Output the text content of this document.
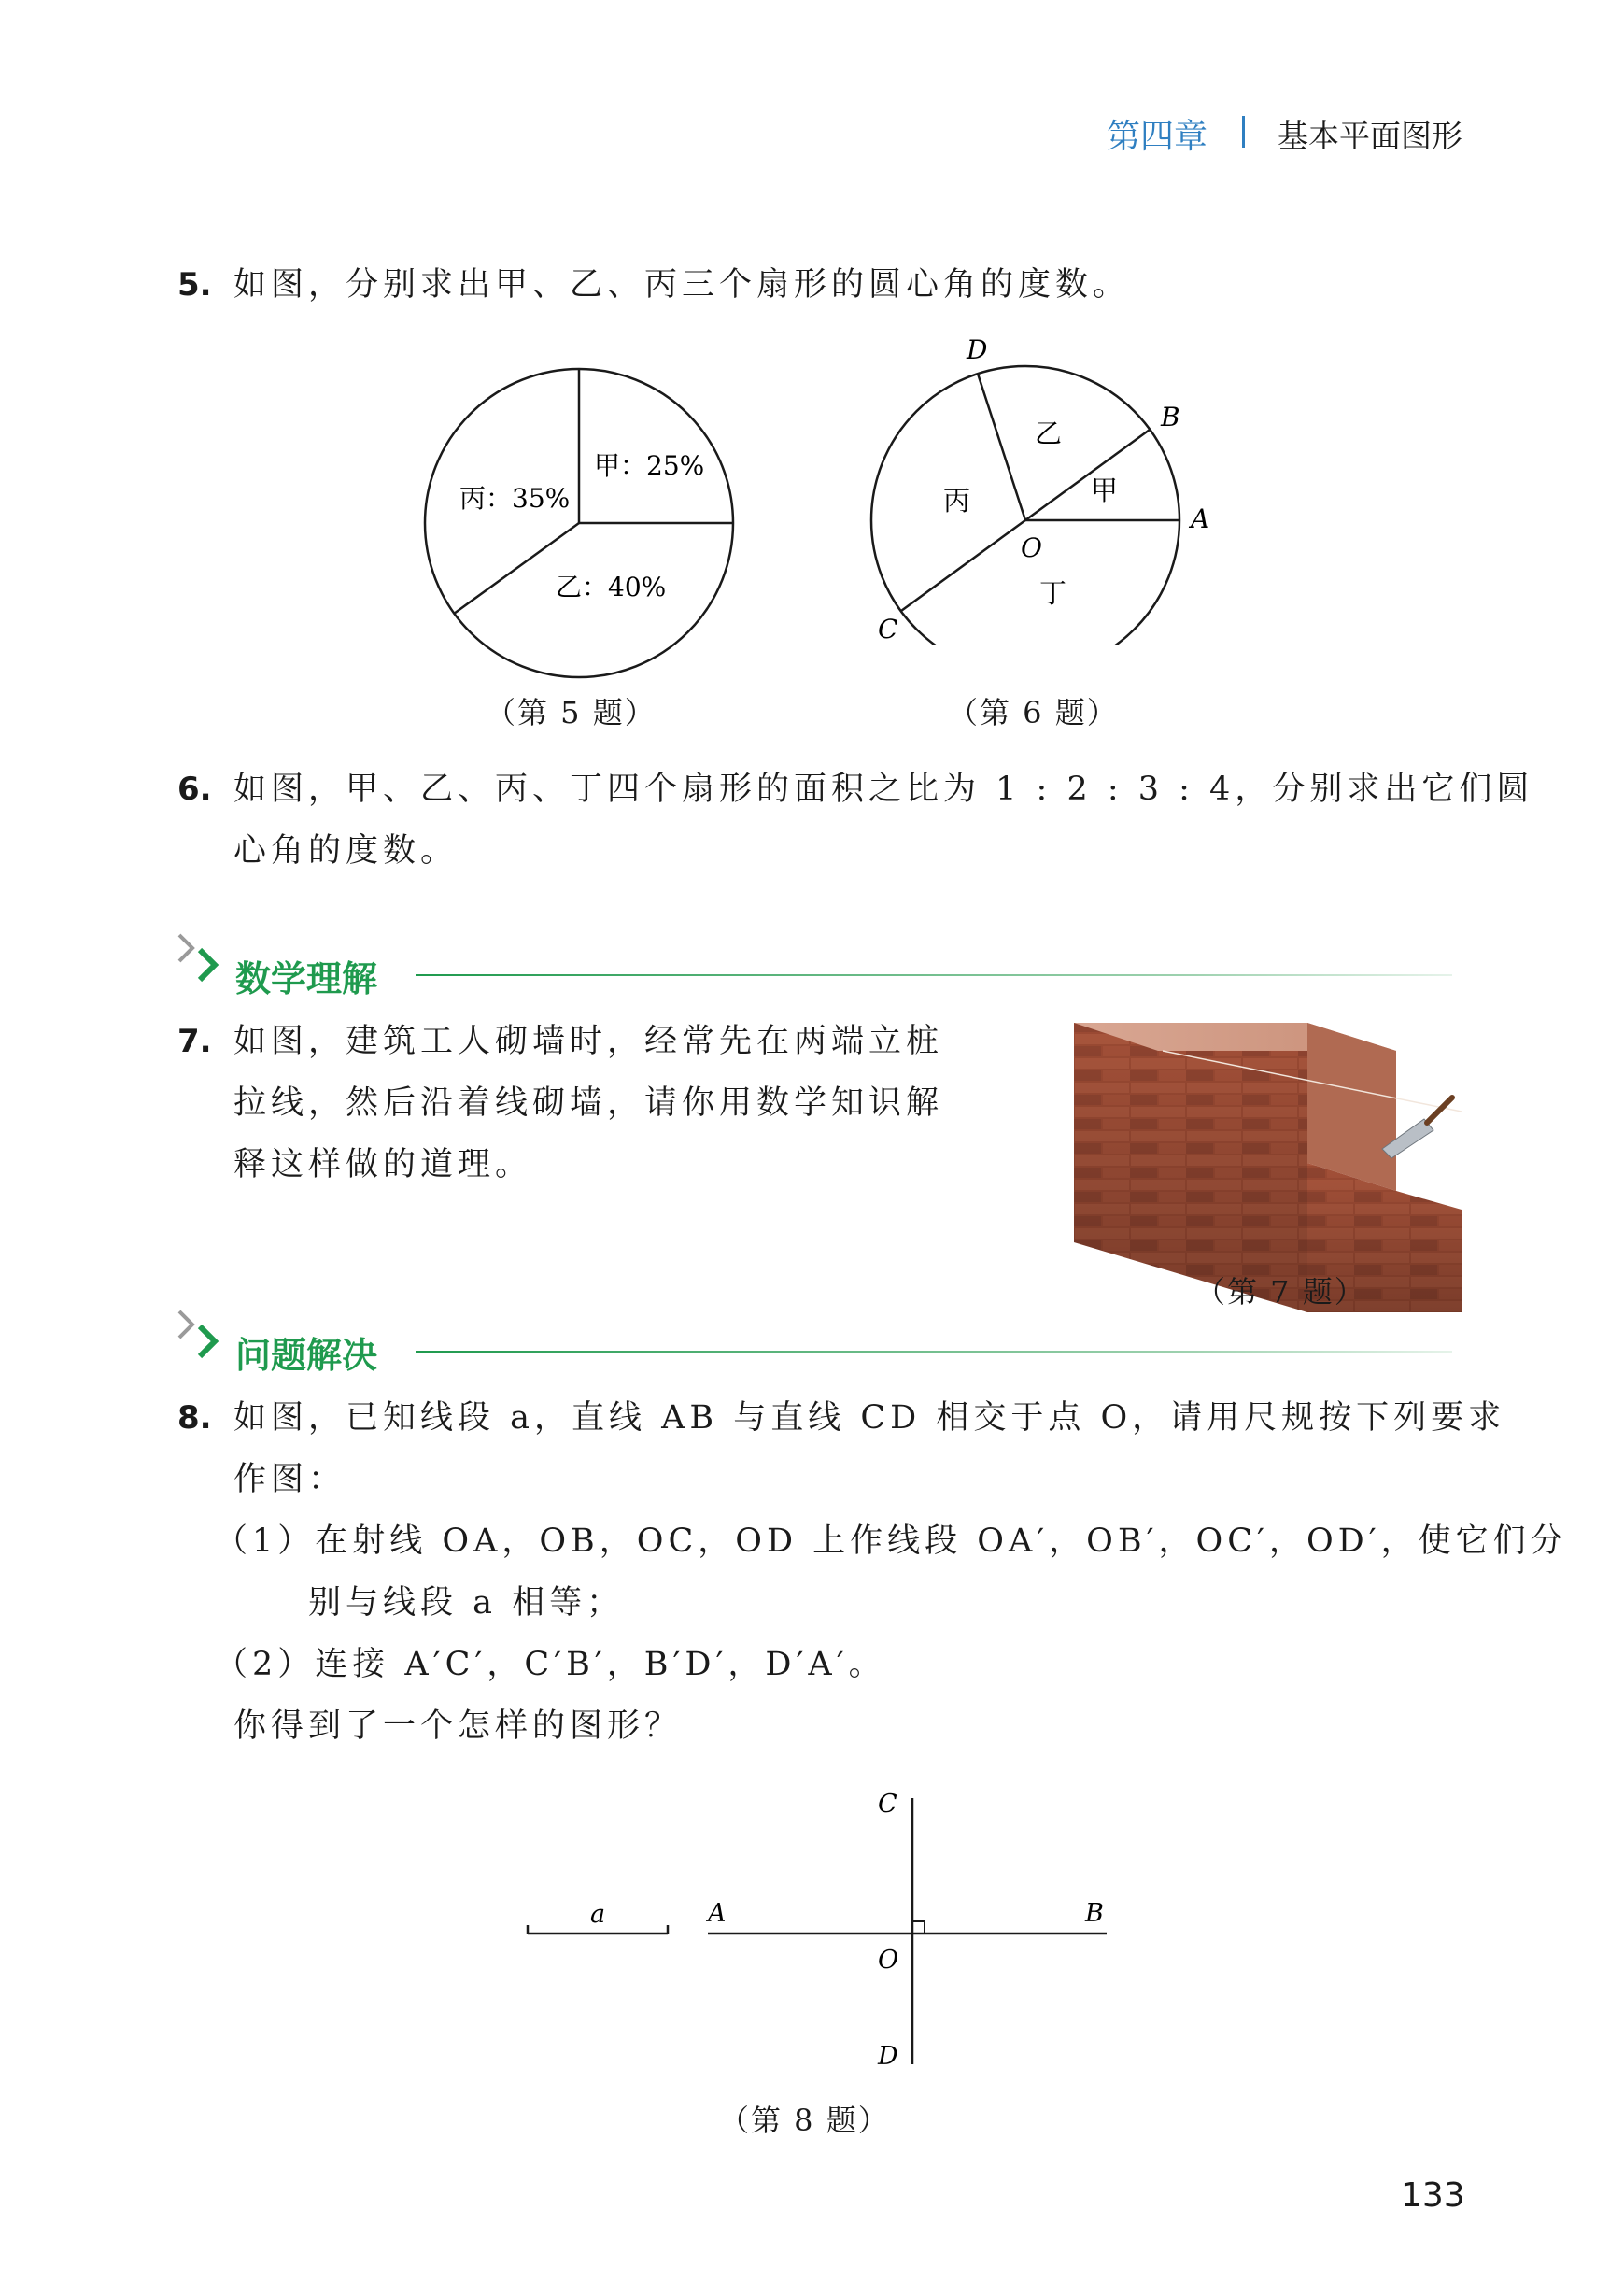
第四章 基本平面图形
5. 如图，分别求出甲、乙、丙三个扇形的圆心角的度数。
甲：25%
丙：35%
乙：40%
（第 5 题）
D
B
A
C
O
乙
甲
丙
丁
（第 6 题）
6. 如图，甲、乙、丙、丁四个扇形的面积之比为 1 : 2 : 3 : 4，分别求出它们圆
心角的度数。
数学理解
7. 如图，建筑工人砌墙时，经常先在两端立桩
拉线，然后沿着线砌墙，请你用数学知识解
释这样做的道理。
（第 7 题）
问题解决
8. 如图，已知线段 a，直线 AB 与直线 CD 相交于点 O，请用尺规按下列要求
作图：
（1）在射线 OA，OB，OC，OD 上作线段 OA′，OB′，OC′，OD′，使它们分
别与线段 a 相等；
（2）连接 A′C′，C′B′，B′D′，D′A′。
你得到了一个怎样的图形？
a	A	B
C
D
O
（第 8 题）
133
